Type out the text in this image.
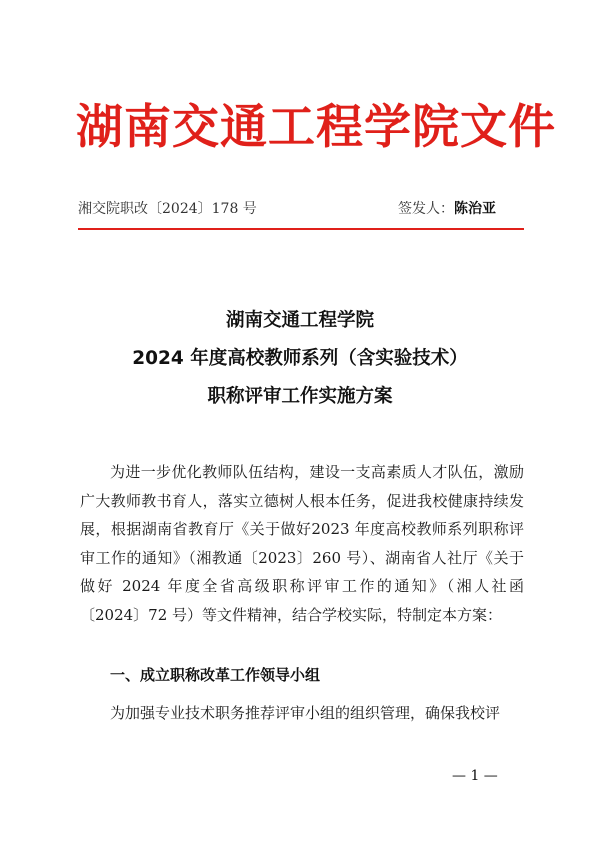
湖南交通工程学院文件
湘交院职改〔2024〕178 号	签发人：陈治亚
湖南交通工程学院
2024 年度高校教师系列（含实验技术）
职称评审工作实施方案

为进一步优化教师队伍结构，建设一支高素质人才队伍，激励广大教师教书育人，落实立德树人根本任务，促进我校健康持续发展，根据湖南省教育厅《关于做好2023 年度高校教师系列职称评审工作的通知》（湘教通〔2023〕260 号）、湖南省人社厅《关于做好 2024 年度全省高级职称评审工作的通知》（湘人社函〔2024〕72 号）等文件精神，结合学校实际，特制定本方案：

一、成立职称改革工作领导小组

为加强专业技术职务推荐评审小组的组织管理，确保我校评

— 1 —
